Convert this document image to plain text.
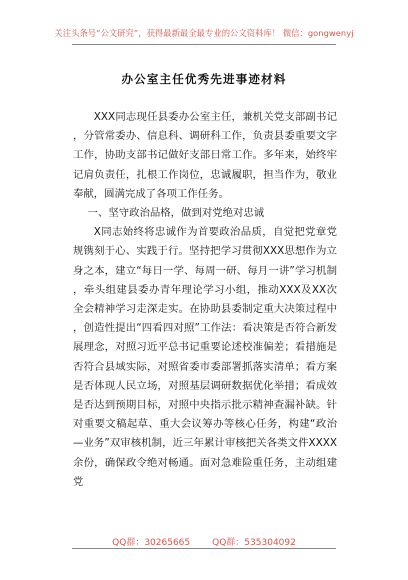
关注头条号“公文研究”，获得最新最全最专业的公文资料库！ 微信：gongwenyj
办公室主任优秀先进事迹材料

XXX同志现任县委办公室主任，兼机关党支部副书记，分管常委办、信息科、调研科工作，负责县委重要文字工作，协助支部书记做好支部日常工作。多年来，始终牢记肩负责任，扎根工作岗位，忠诚履职，担当作为，敬业奉献，圆满完成了各项工作任务。

一、坚守政治品格，做到对党绝对忠诚

X同志始终将忠诚作为首要政治品质，自觉把党章党规镌刻于心、实践于行。坚持把学习贯彻XXX思想作为立身之本，建立“每日一学、每周一研、每月一讲”学习机制，牵头组建县委办青年理论学习小组，推动XXX及XX次全会精神学习走深走实。在协助县委制定重大决策过程中，创造性提出“四看四对照”工作法：看决策是否符合新发展理念，对照习近平总书记重要论述校准偏差；看措施是否符合县域实际，对照省委市委部署抓落实清单；看方案是否体现人民立场，对照基层调研数据优化举措；看成效是否达到预期目标，对照中央指示批示精神查漏补缺。针对重要文稿起草、重大会议筹办等核心任务，构建“政治—业务”双审核机制，近三年累计审核把关各类文件XXXX余份，确保政令绝对畅通。面对急难险重任务，主动组建党

QQ群：30265665 QQ群：535304092
